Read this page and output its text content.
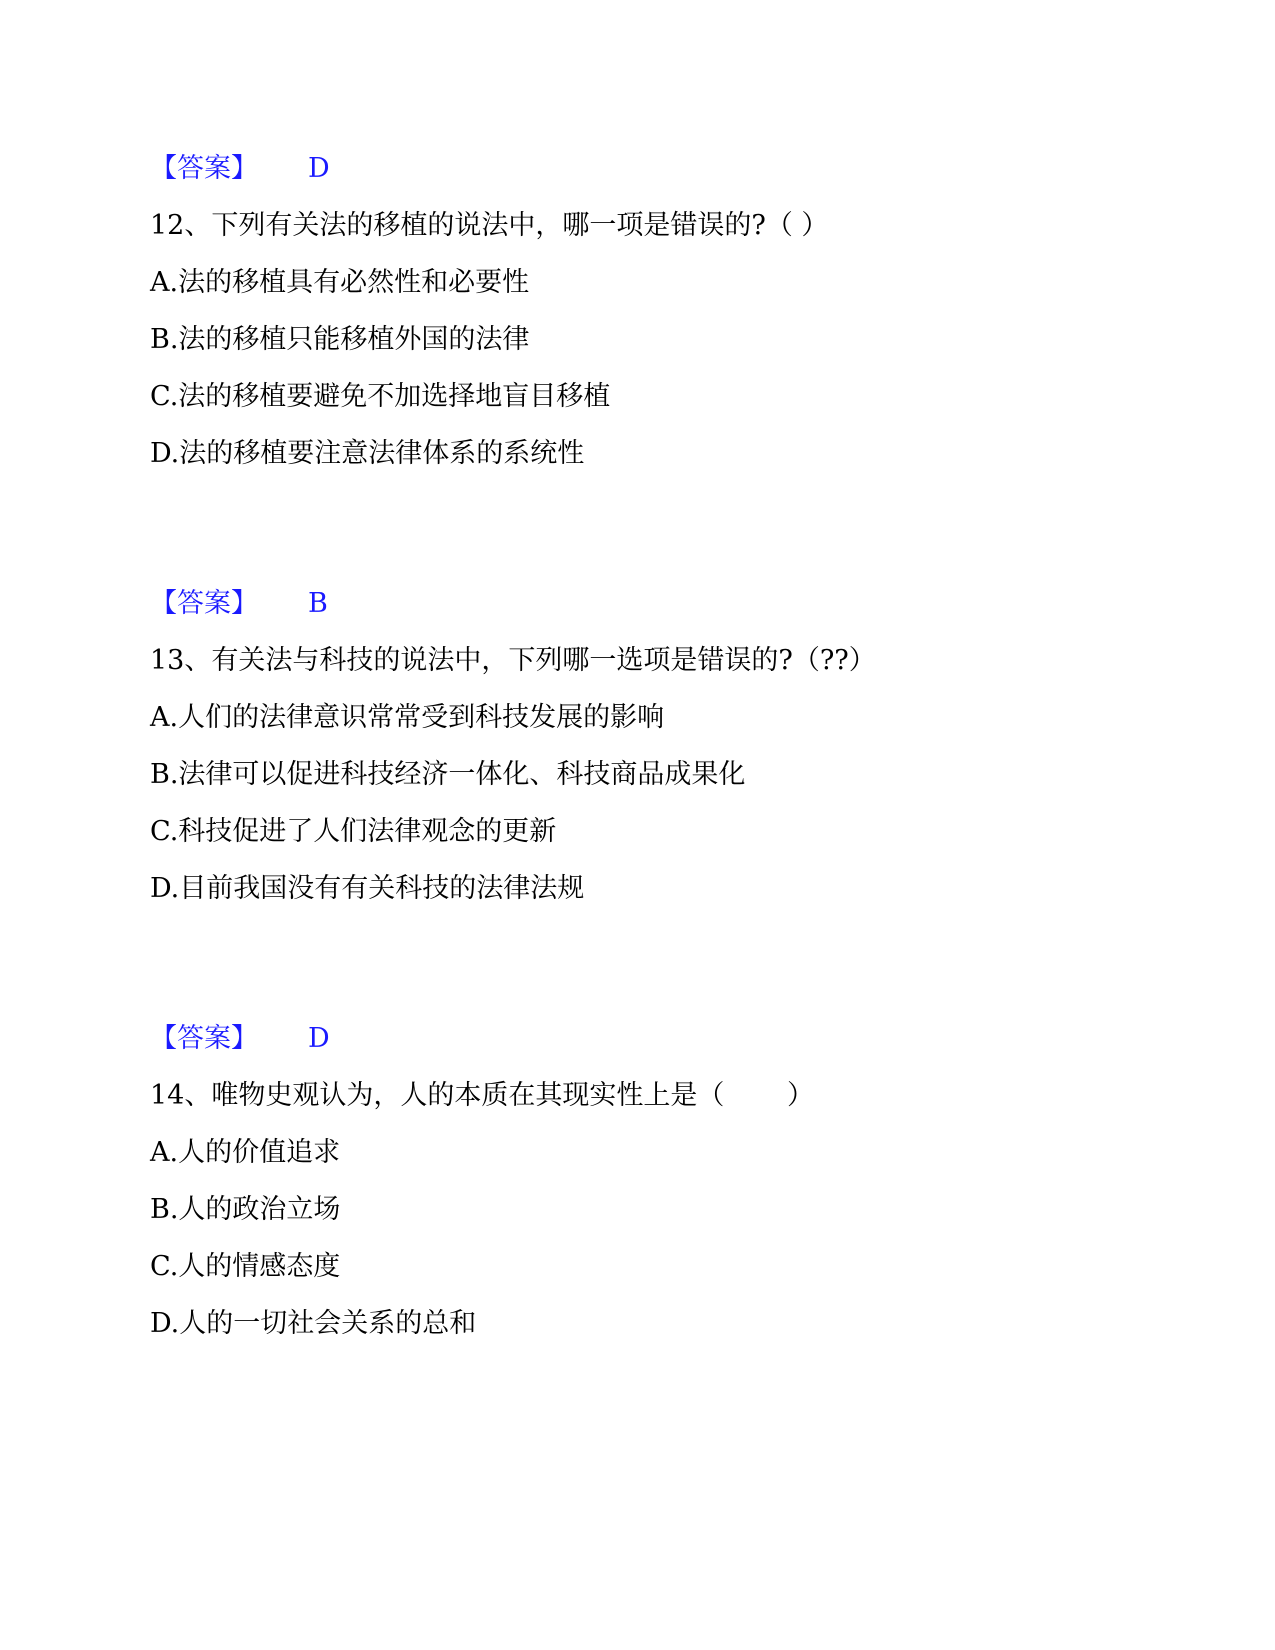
【答案】 D
12、下列有关法的移植的说法中，哪一项是错误的?（ ）
A.法的移植具有必然性和必要性
B.法的移植只能移植外国的法律
C.法的移植要避免不加选择地盲目移植
D.法的移植要注意法律体系的系统性
【答案】 B
13、有关法与科技的说法中，下列哪一选项是错误的?（??）
A.人们的法律意识常常受到科技发展的影响
B.法律可以促进科技经济一体化、科技商品成果化
C.科技促进了人们法律观念的更新
D.目前我国没有有关科技的法律法规
【答案】 D
14、唯物史观认为，人的本质在其现实性上是（　　 ）
A.人的价值追求
B.人的政治立场
C.人的情感态度
D.人的一切社会关系的总和
